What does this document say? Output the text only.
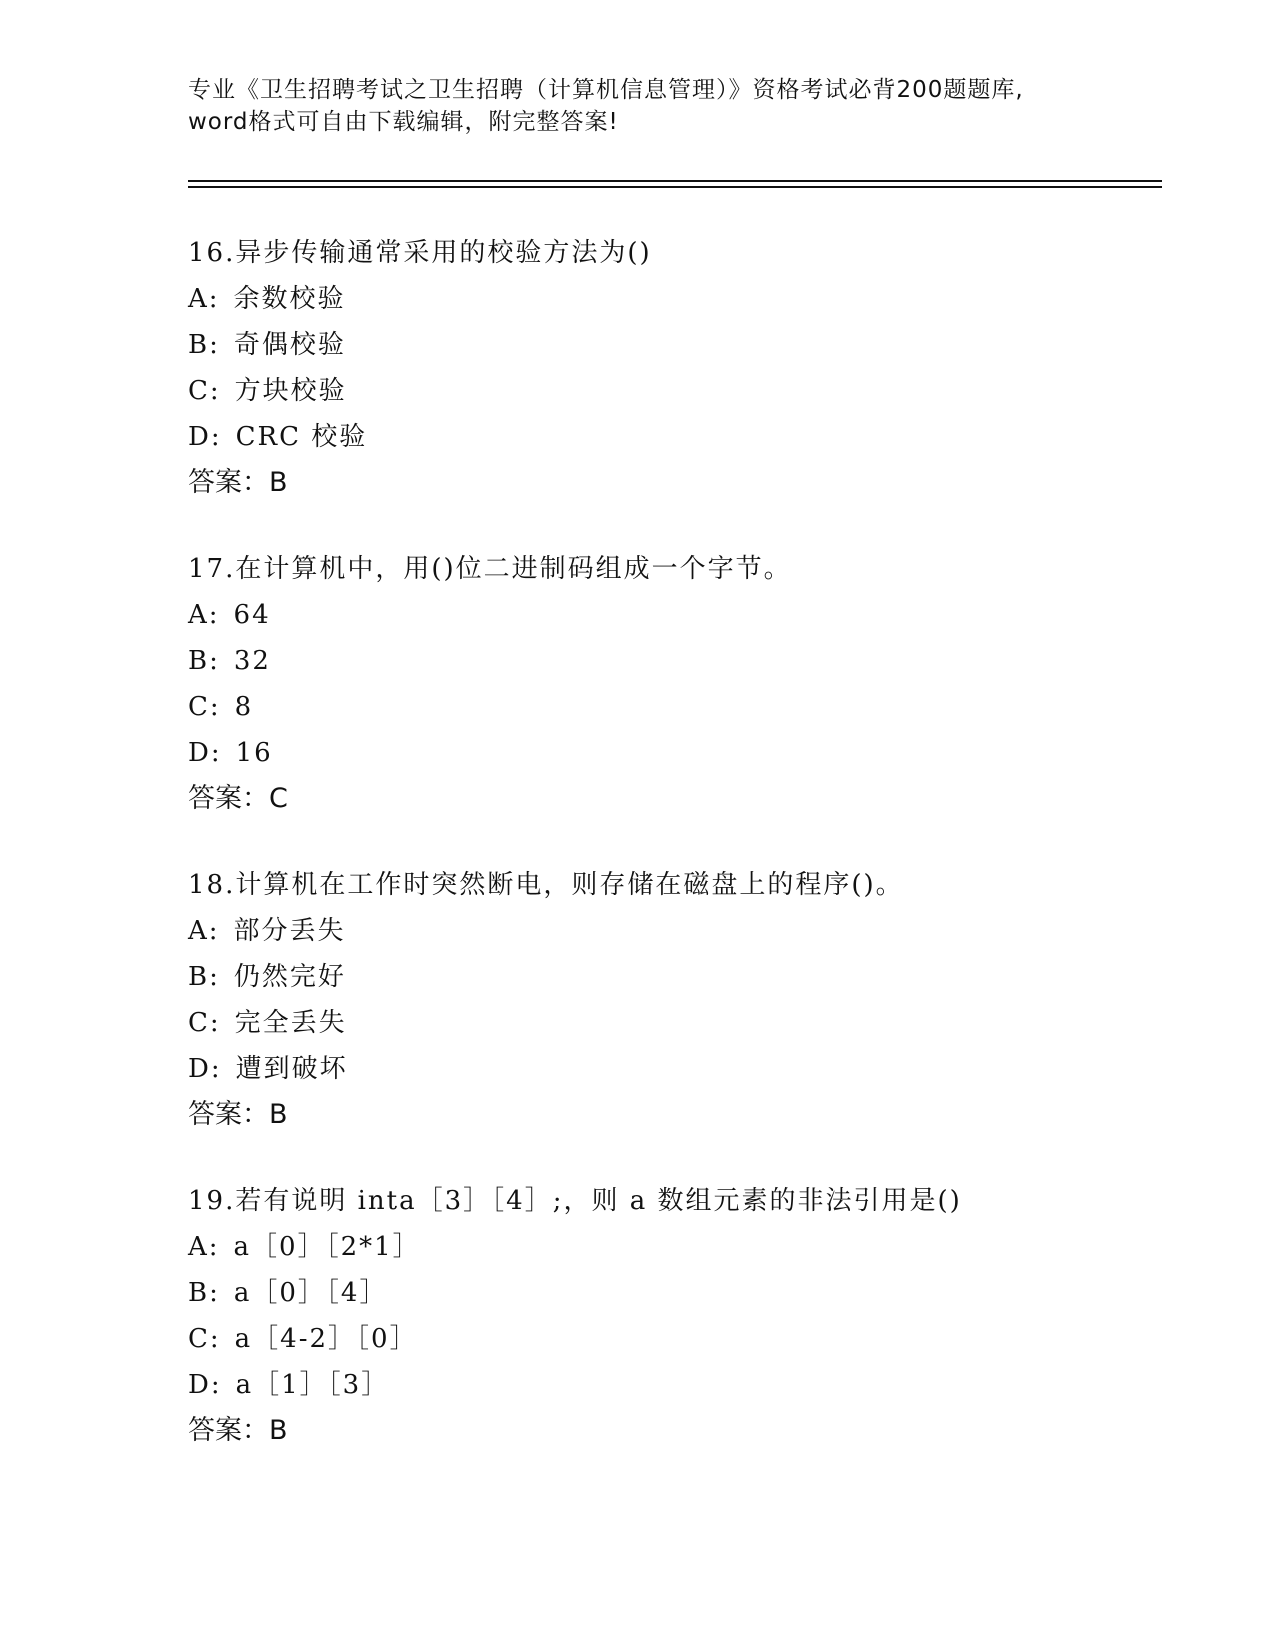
专业《卫生招聘考试之卫生招聘（计算机信息管理）》资格考试必背200题题库,
word格式可自由下载编辑，附完整答案!
16.异步传输通常采用的校验方法为()
A: 余数校验
B: 奇偶校验
C: 方块校验
D: CRC 校验
答案：B
17.在计算机中，用()位二进制码组成一个字节。
A: 64
B: 32
C: 8
D: 16
答案：C
18.计算机在工作时突然断电，则存储在磁盘上的程序()。
A: 部分丢失
B: 仍然完好
C: 完全丢失
D: 遭到破坏
答案：B
19.若有说明 inta［3］［4］;，则 a 数组元素的非法引用是()
A: a［0］［2*1］
B: a［0］［4］
C: a［4-2］［0］
D: a［1］［3］
答案：B
